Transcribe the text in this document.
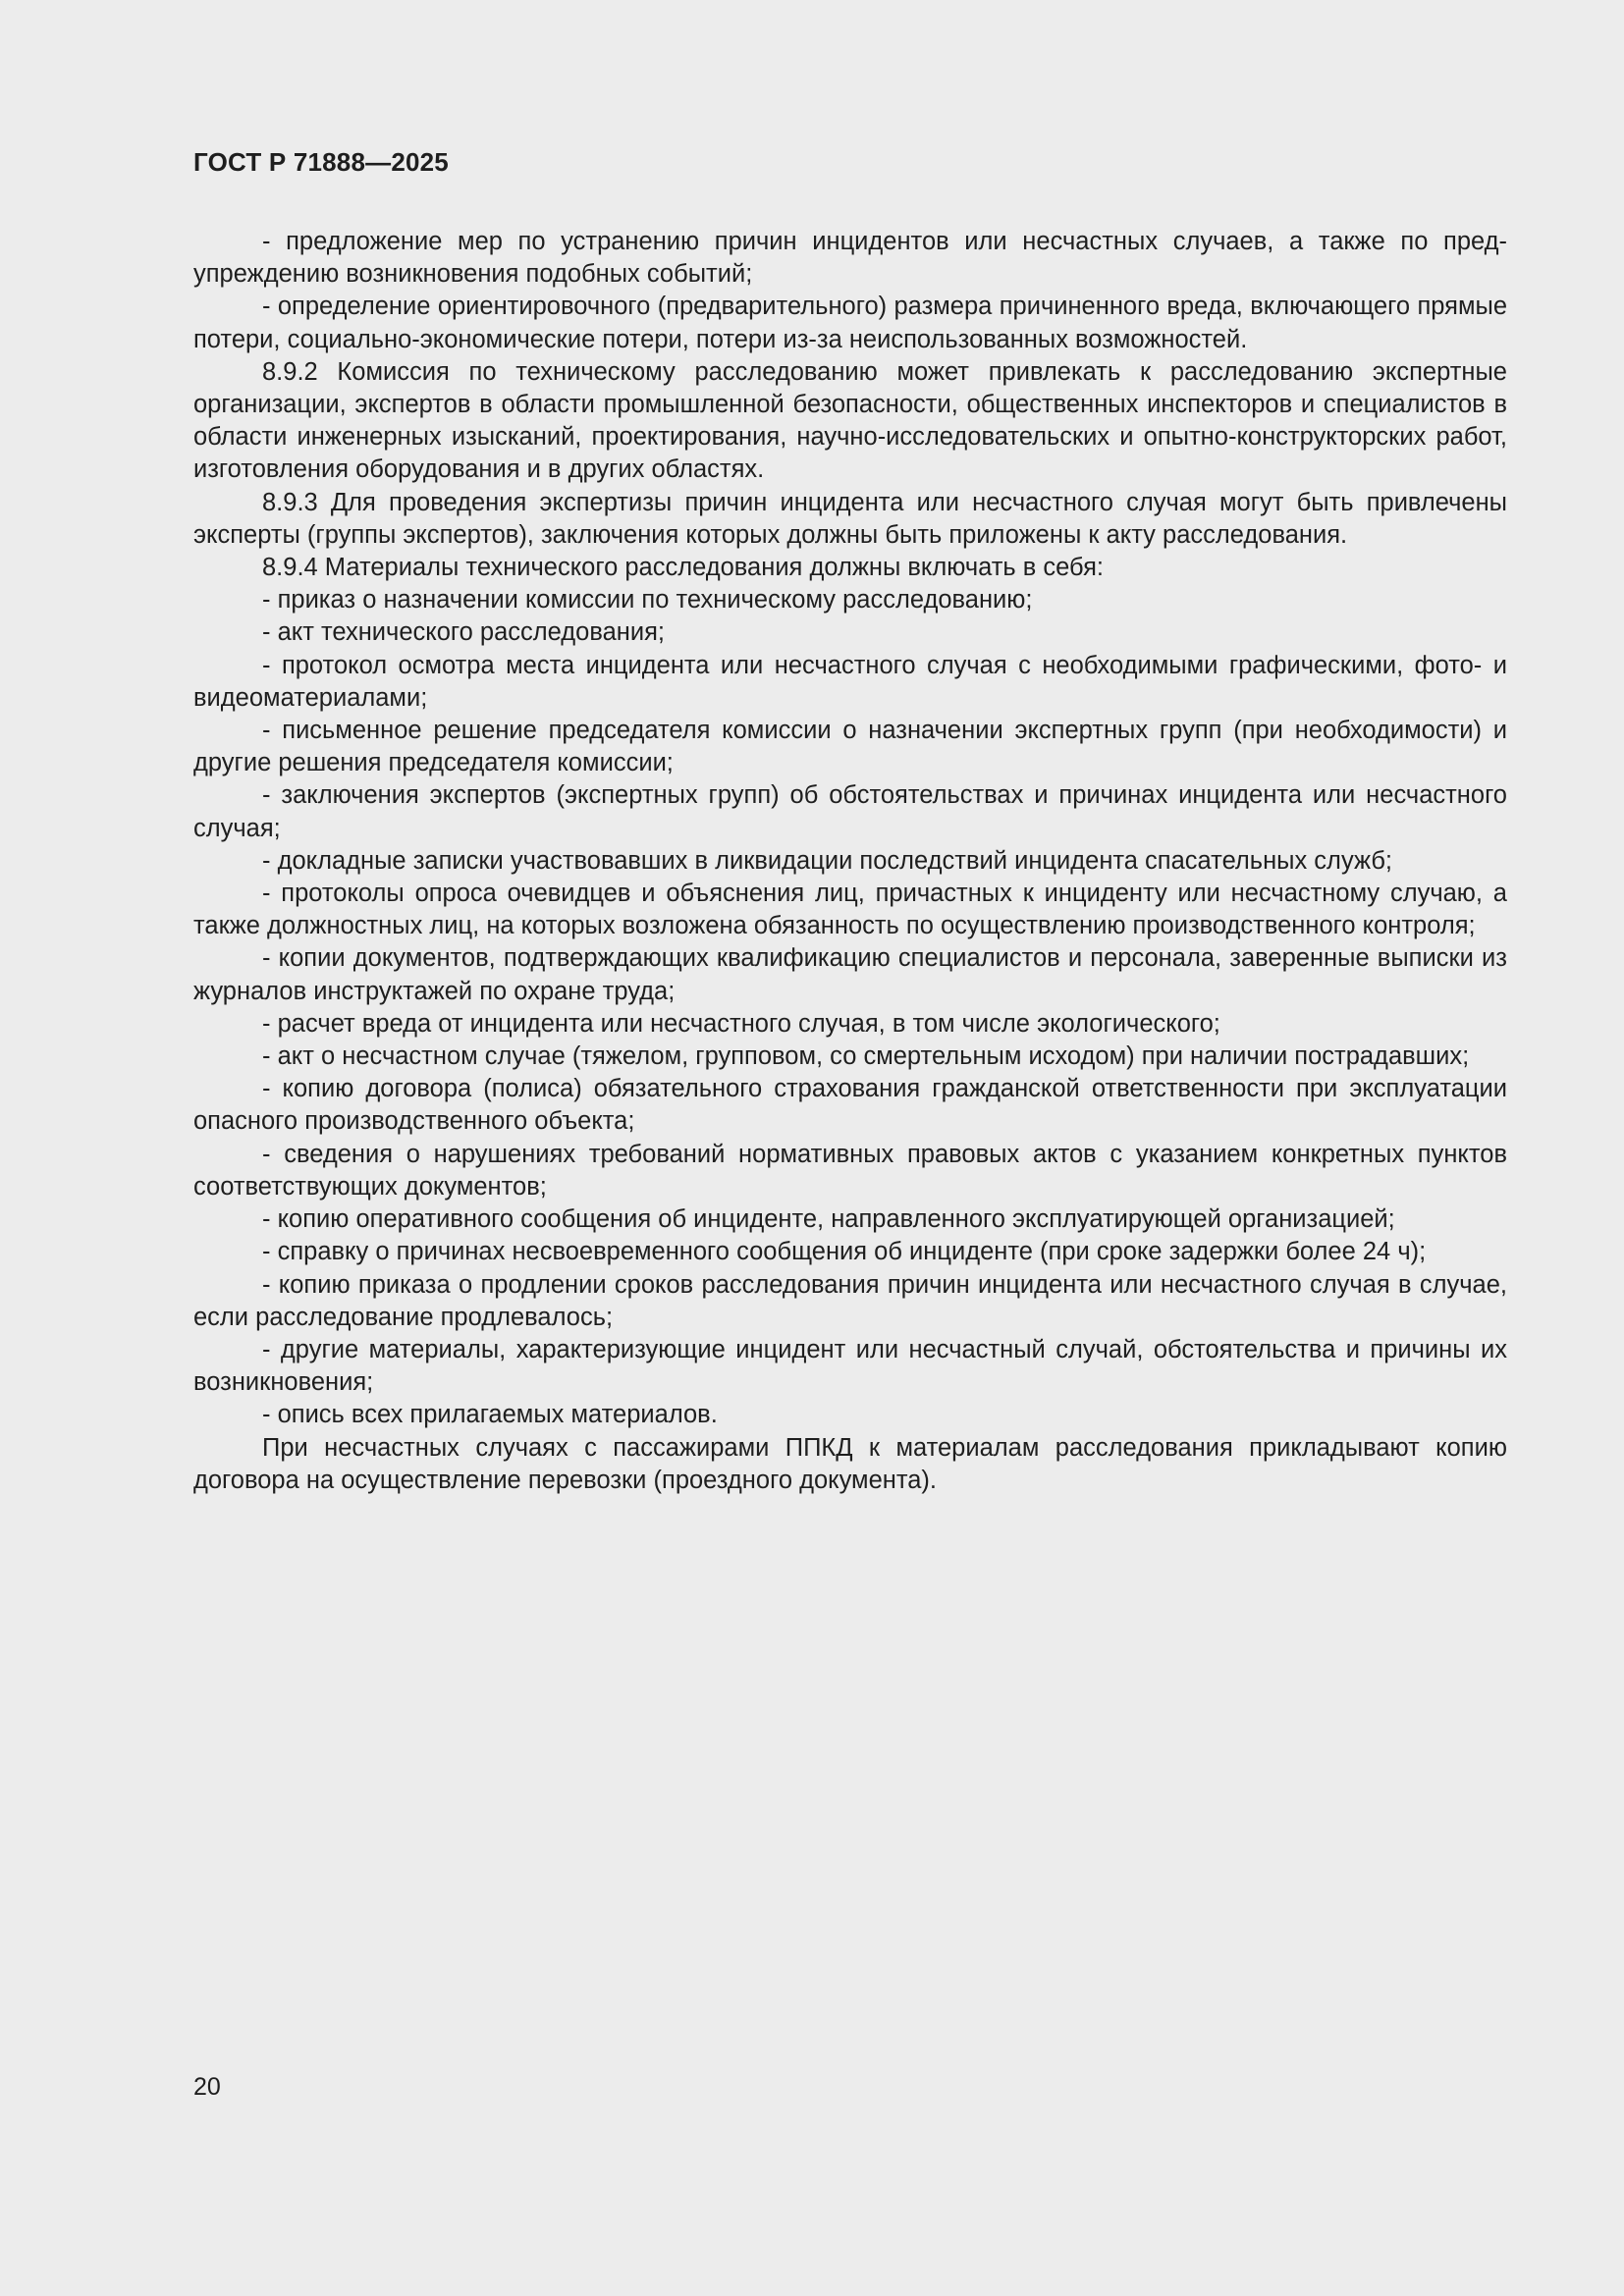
ГОСТ Р 71888—2025

- предложение мер по устранению причин инцидентов или несчастных случаев, а также по предупреждению возникновения подобных событий;

- определение ориентировочного (предварительного) размера причиненного вреда, включающего прямые потери, социально-экономические потери, потери из-за неиспользованных возможностей.

8.9.2 Комиссия по техническому расследованию может привлекать к расследованию экспертные организации, экспертов в области промышленной безопасности, общественных инспекторов и специалистов в области инженерных изысканий, проектирования, научно-исследовательских и опытно-конструкторских работ, изготовления оборудования и в других областях.

8.9.3 Для проведения экспертизы причин инцидента или несчастного случая могут быть привлечены эксперты (группы экспертов), заключения которых должны быть приложены к акту расследования.

8.9.4 Материалы технического расследования должны включать в себя:

- приказ о назначении комиссии по техническому расследованию;

- акт технического расследования;

- протокол осмотра места инцидента или несчастного случая с необходимыми графическими, фото- и видеоматериалами;

- письменное решение председателя комиссии о назначении экспертных групп (при необходимости) и другие решения председателя комиссии;

- заключения экспертов (экспертных групп) об обстоятельствах и причинах инцидента или несчастного случая;

- докладные записки участвовавших в ликвидации последствий инцидента спасательных служб;

- протоколы опроса очевидцев и объяснения лиц, причастных к инциденту или несчастному случаю, а также должностных лиц, на которых возложена обязанность по осуществлению производственного контроля;

- копии документов, подтверждающих квалификацию специалистов и персонала, заверенные выписки из журналов инструктажей по охране труда;

- расчет вреда от инцидента или несчастного случая, в том числе экологического;

- акт о несчастном случае (тяжелом, групповом, со смертельным исходом) при наличии пострадавших;

- копию договора (полиса) обязательного страхования гражданской ответственности при эксплуатации опасного производственного объекта;

- сведения о нарушениях требований нормативных правовых актов с указанием конкретных пунктов соответствующих документов;

- копию оперативного сообщения об инциденте, направленного эксплуатирующей организацией;

- справку о причинах несвоевременного сообщения об инциденте (при сроке задержки более 24 ч);

- копию приказа о продлении сроков расследования причин инцидента или несчастного случая в случае, если расследование продлевалось;

- другие материалы, характеризующие инцидент или несчастный случай, обстоятельства и причины их возникновения;

- опись всех прилагаемых материалов.

При несчастных случаях с пассажирами ППКД к материалам расследования прикладывают копию договора на осуществление перевозки (проездного документа).

20
